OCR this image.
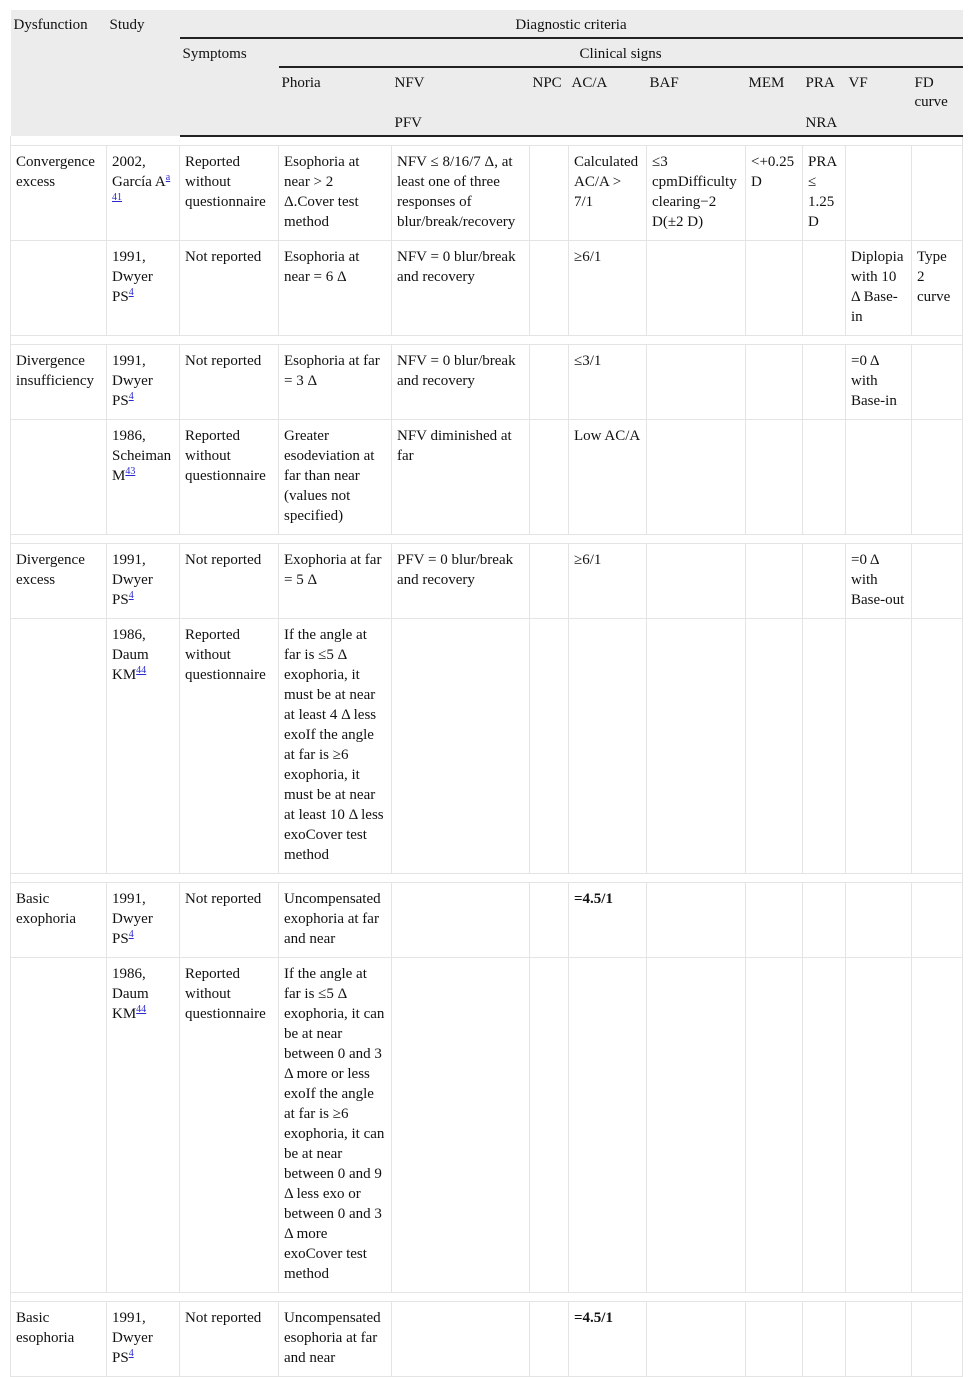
Dysfunction	Study	Diagnostic criteria									
		Symptoms	Clinical signs								
			Phoria	NFV	NPC	AC/A	BAF	MEM	PRA	VF	FD curve
				PFV					NRA		

Convergence excess	2002, García A$^a$ $^{41}$	Reported without questionnaire	Esophoria at near > 2 Δ.Cover test method	NFV ≤ 8/16/7 Δ, at least one of three responses of blur/break/recovery		Calculated AC/A > 7/1	≤3 cpmDifficulty clearing−2 D(±2 D)	<+0.25 D	PRA ≤ 1.25 D		
	1991, Dwyer PS$^4$	Not reported	Esophoria at near = 6 Δ	NFV = 0 blur/break and recovery		≥6/1				Diplopia with 10 Δ Base-in	Type 2 curve

Divergence insufficiency	1991, Dwyer PS$^4$	Not reported	Esophoria at far = 3 Δ	NFV = 0 blur/break and recovery		≤3/1				=0 Δ with Base-in	
	1986, Scheiman M$^{43}$	Reported without questionnaire	Greater esodeviation at far than near (values not specified)	NFV diminished at far		Low AC/A					

Divergence excess	1991, Dwyer PS$^4$	Not reported	Exophoria at far = 5 Δ	PFV = 0 blur/break and recovery		≥6/1				=0 Δ with Base-out	
	1986, Daum KM$^{44}$	Reported without questionnaire	If the angle at far is ≤5 Δ exophoria, it must be at near at least 4 Δ less exoIf the angle at far is ≥6 exophoria, it must be at near at least 10 Δ less exoCover test method								

Basic exophoria	1991, Dwyer PS$^4$	Not reported	Uncompensated exophoria at far and near			=4.5/1					
	1986, Daum KM$^{44}$	Reported without questionnaire	If the angle at far is ≤5 Δ exophoria, it can be at near between 0 and 3 Δ more or less exoIf the angle at far is ≥6 exophoria, it can be at near between 0 and 9 Δ less exo or between 0 and 3 Δ more exoCover test method								

Basic esophoria	1991, Dwyer PS$^4$	Not reported	Uncompensated esophoria at far and near			=4.5/1					
